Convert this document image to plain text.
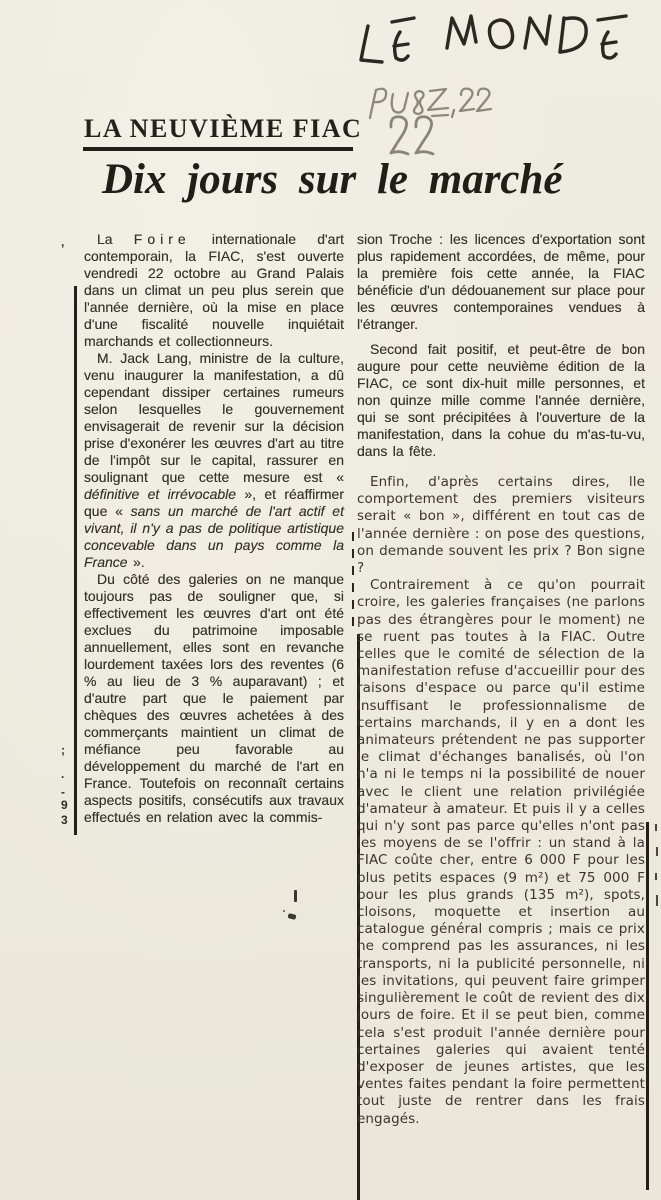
LA NEUVIÈME FIAC
Dix jours sur le marché
,
;
.
-
9
3

La Foire internationale d'art contemporain, la FIAC, s'est ouverte vendredi 22 octobre au Grand Palais dans un climat un peu plus serein que l'année dernière, où la mise en place d'une fiscalité nouvelle inquiétait marchands et collectionneurs.

M. Jack Lang, ministre de la culture, venu inaugurer la manifestation, a dû cependant dissiper certaines rumeurs selon lesquelles le gouvernement envisagerait de revenir sur la décision prise d'exonérer les œuvres d'art au titre de l'impôt sur le capital, rassurer en soulignant que cette mesure est « définitive et irrévocable », et réaffirmer que « sans un marché de l'art actif et vivant, il n'y a pas de politique artistique concevable dans un pays comme la France ».

Du côté des galeries on ne manque toujours pas de souligner que, si effectivement les œuvres d'art ont été exclues du patrimoine imposable annuellement, elles sont en revanche lourdement taxées lors des reventes (6 % au lieu de 3 % auparavant) ; et d'autre part que le paiement par chèques des œuvres achetées à des commerçants maintient un climat de méfiance peu favorable au développement du marché de l'art en France. Toutefois on reconnaît certains aspects positifs, consécutifs aux travaux effectués en relation avec la commis-

sion Troche : les licences d'exportation sont plus rapidement accordées, de même, pour la première fois cette année, la FIAC bénéficie d'un dédouanement sur place pour les œuvres contemporaines vendues à l'étranger.

Second fait positif, et peut-être de bon augure pour cette neuvième édition de la FIAC, ce sont dix-huit mille personnes, et non quinze mille comme l'année dernière, qui se sont précipitées à l'ouverture de la manifestation, dans la cohue du m'as-tu-vu, dans la fête.

Enfin, d'après certains dires, lle comportement des premiers visiteurs serait « bon », différent en tout cas de l'année dernière : on pose des questions, on demande souvent les prix ? Bon signe ?

Contrairement à ce qu'on pourrait croire, les galeries françaises (ne parlons pas des étrangères pour le moment) ne se ruent pas toutes à la FIAC. Outre celles que le comité de sélection de la manifestation refuse d'accueillir pour des raisons d'espace ou parce qu'il estime insuffisant le professionnalisme de certains marchands, il y en a dont les animateurs prétendent ne pas supporter le climat d'échanges banalisés, où l'on n'a ni le temps ni la possibilité de nouer avec le client une relation privilégiée d'amateur à amateur. Et puis il y a celles qui n'y sont pas parce qu'elles n'ont pas les moyens de se l'offrir : un stand à la FIAC coûte cher, entre 6 000 F pour les plus petits espaces (9 m²) et 75 000 F pour les plus grands (135 m²), spots, cloisons, moquette et insertion au catalogue général compris ; mais ce prix ne comprend pas les assurances, ni les transports, ni la publicité personnelle, ni les invitations, qui peuvent faire grimper singulièrement le coût de revient des dix jours de foire. Et il se peut bien, comme cela s'est produit l'année dernière pour certaines galeries qui avaient tenté d'exposer de jeunes artistes, que les ventes faites pendant la foire permettent tout juste de rentrer dans les frais engagés.
